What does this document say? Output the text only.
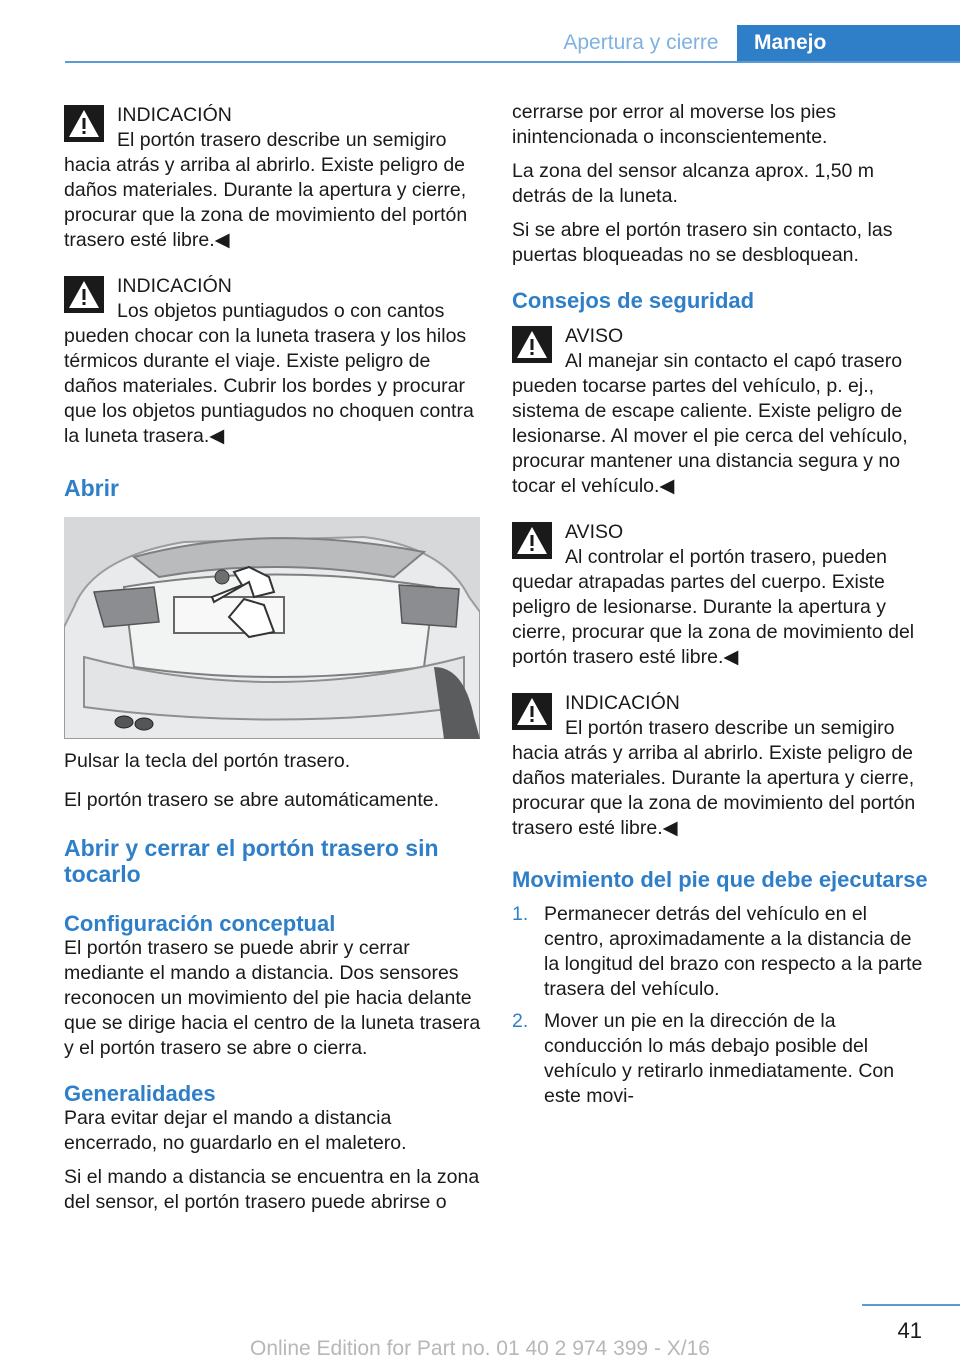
Apertura y cierre	Manejo
INDICACIÓN
El portón trasero describe un semigiro hacia atrás y arriba al abrirlo. Existe peligro de daños materiales. Durante la apertura y cierre, procurar que la zona de movimiento del portón trasero esté libre.◀
INDICACIÓN
Los objetos puntiagudos o con cantos pueden chocar con la luneta trasera y los hilos térmicos durante el viaje. Existe peligro de daños materiales. Cubrir los bordes y procurar que los objetos puntiagudos no choquen contra la luneta trasera.◀
Abrir
Pulsar la tecla del portón trasero.
El portón trasero se abre automáticamente.
Abrir y cerrar el portón trasero sin tocarlo
Configuración conceptual
El portón trasero se puede abrir y cerrar mediante el mando a distancia. Dos sensores reconocen un movimiento del pie hacia delante que se dirige hacia el centro de la luneta trasera y el portón trasero se abre o cierra.
Generalidades
Para evitar dejar el mando a distancia encerrado, no guardarlo en el maletero.
Si el mando a distancia se encuentra en la zona del sensor, el portón trasero puede abrirse o
cerrarse por error al moverse los pies inintencionada o inconscientemente.
La zona del sensor alcanza aprox. 1,50 m detrás de la luneta.
Si se abre el portón trasero sin contacto, las puertas bloqueadas no se desbloquean.
Consejos de seguridad
AVISO
Al manejar sin contacto el capó trasero pueden tocarse partes del vehículo, p. ej., sistema de escape caliente. Existe peligro de lesionarse. Al mover el pie cerca del vehículo, procurar mantener una distancia segura y no tocar el vehículo.◀
AVISO
Al controlar el portón trasero, pueden quedar atrapadas partes del cuerpo. Existe peligro de lesionarse. Durante la apertura y cierre, procurar que la zona de movimiento del portón trasero esté libre.◀
INDICACIÓN
El portón trasero describe un semigiro hacia atrás y arriba al abrirlo. Existe peligro de daños materiales. Durante la apertura y cierre, procurar que la zona de movimiento del portón trasero esté libre.◀
Movimiento del pie que debe ejecutarse
1. Permanecer detrás del vehículo en el centro, aproximadamente a la distancia de la longitud del brazo con respecto a la parte trasera del vehículo.
2. Mover un pie en la dirección de la conducción lo más debajo posible del vehículo y retirarlo inmediatamente. Con este movi-
41
Online Edition for Part no. 01 40 2 974 399 - X/16
